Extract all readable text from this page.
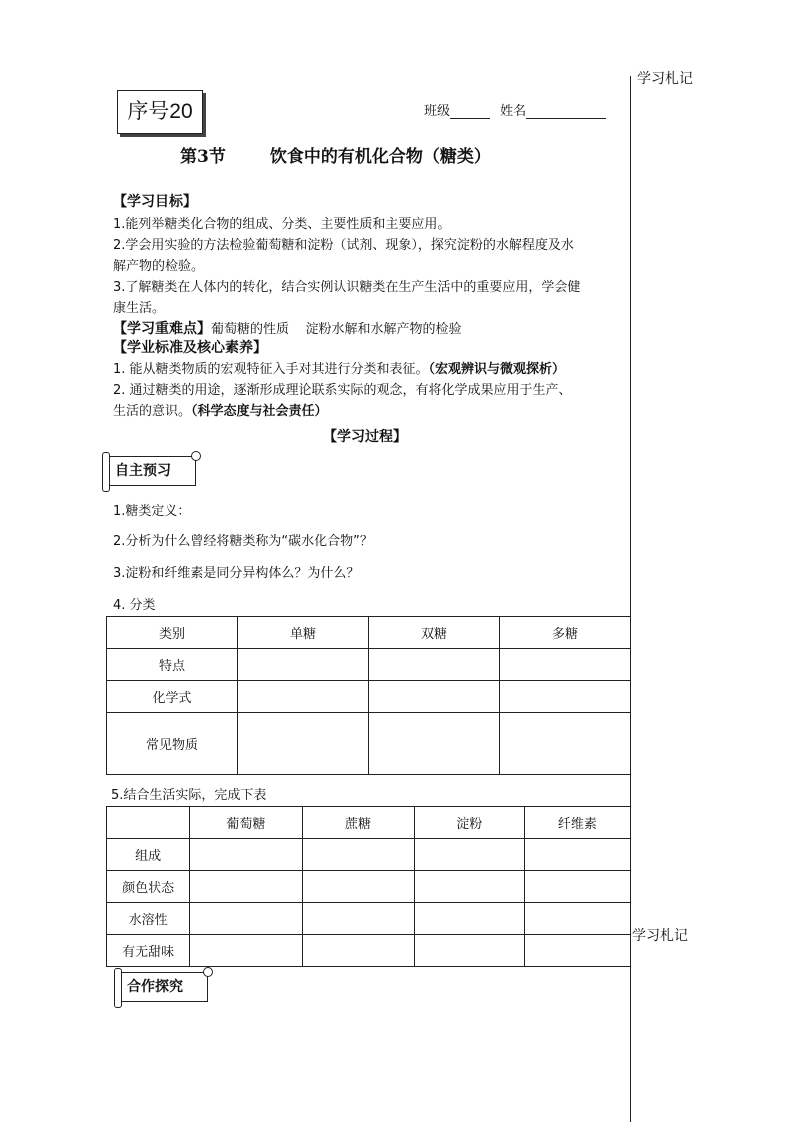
学习札记
学习札记
序号20	班级	姓名
第3节	饮食中的有机化合物（糖类）
【学习目标】
1.能列举糖类化合物的组成、分类、主要性质和主要应用。
2.学会用实验的方法检验葡萄糖和淀粉（试剂、现象），探究淀粉的水解程度及水
解产物的检验。
3.了解糖类在人体内的转化，结合实例认识糖类在生产生活中的重要应用，学会健
康生活。
【学习重难点】葡萄糖的性质    淀粉水解和水解产物的检验
【学业标准及核心素养】
1. 能从糖类物质的宏观特征入手对其进行分类和表征。（宏观辨识与微观探析）
2. 通过糖类的用途，逐渐形成理论联系实际的观念，有将化学成果应用于生产、
生活的意识。（科学态度与社会责任）
【学习过程】
自主预习
1.糖类定义：
2.分析为什么曾经将糖类称为“碳水化合物”？
3.淀粉和纤维素是同分异构体么？为什么？
4. 分类
类别	单糖	双糖	多糖
特点			
化学式			
常见物质			
5.结合生活实际，完成下表
	葡萄糖	蔗糖	淀粉	纤维素
组成				
颜色状态				
水溶性				
有无甜味				
合作探究
